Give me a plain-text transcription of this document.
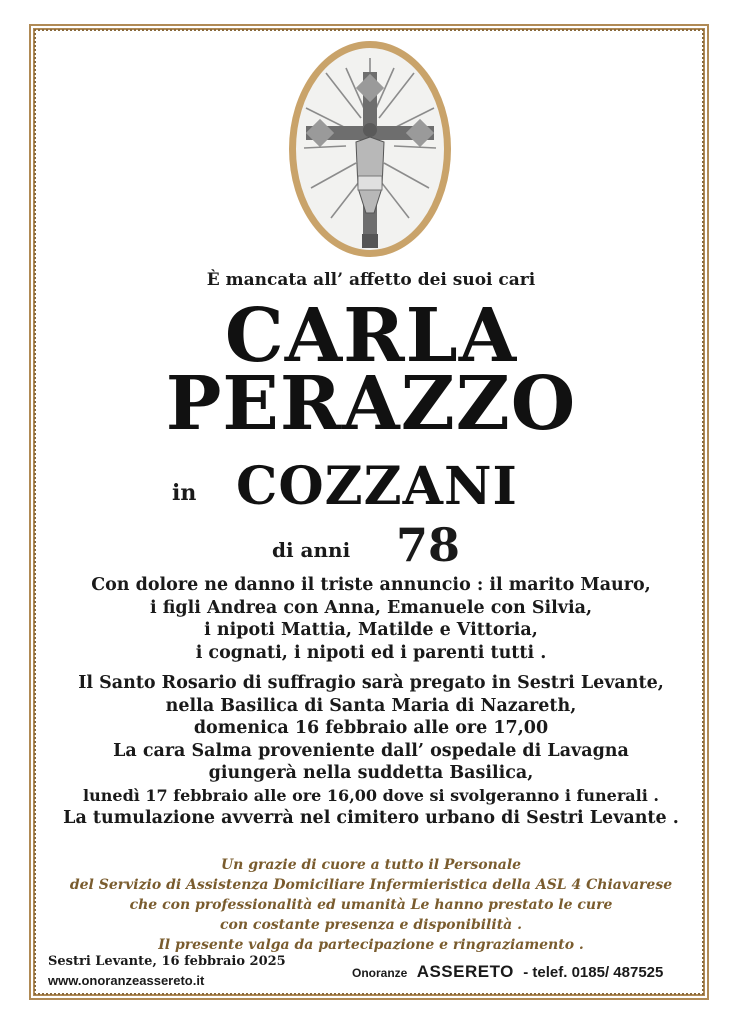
È mancata all’ affetto dei suoi cari
CARLA
PERAZZO
in COZZANI
di anni 78
Con dolore ne danno il triste annuncio : il marito Mauro,
i figli Andrea con Anna, Emanuele con Silvia,
i nipoti Mattia, Matilde e Vittoria,
i cognati, i nipoti ed i parenti tutti .
Il Santo Rosario di suffragio sarà pregato in Sestri Levante,
nella Basilica di Santa Maria di Nazareth,
domenica 16 febbraio alle ore 17,00
La cara Salma proveniente dall’ ospedale di Lavagna
giungerà nella suddetta Basilica,
lunedì 17 febbraio alle ore 16,00 dove si svolgeranno i funerali .
La tumulazione avverrà nel cimitero urbano di Sestri Levante .
Un grazie di cuore a tutto il Personale
del Servizio di Assistenza Domiciliare Infermieristica della ASL 4 Chiavarese
che con professionalità ed umanità Le hanno prestato le cure
con costante presenza e disponibilità .
Il presente valga da partecipazione e ringraziamento .
Sestri Levante, 16 febbraio 2025
www.onoranzeassereto.it	Onoranze ASSERETO - telef. 0185/ 487525
